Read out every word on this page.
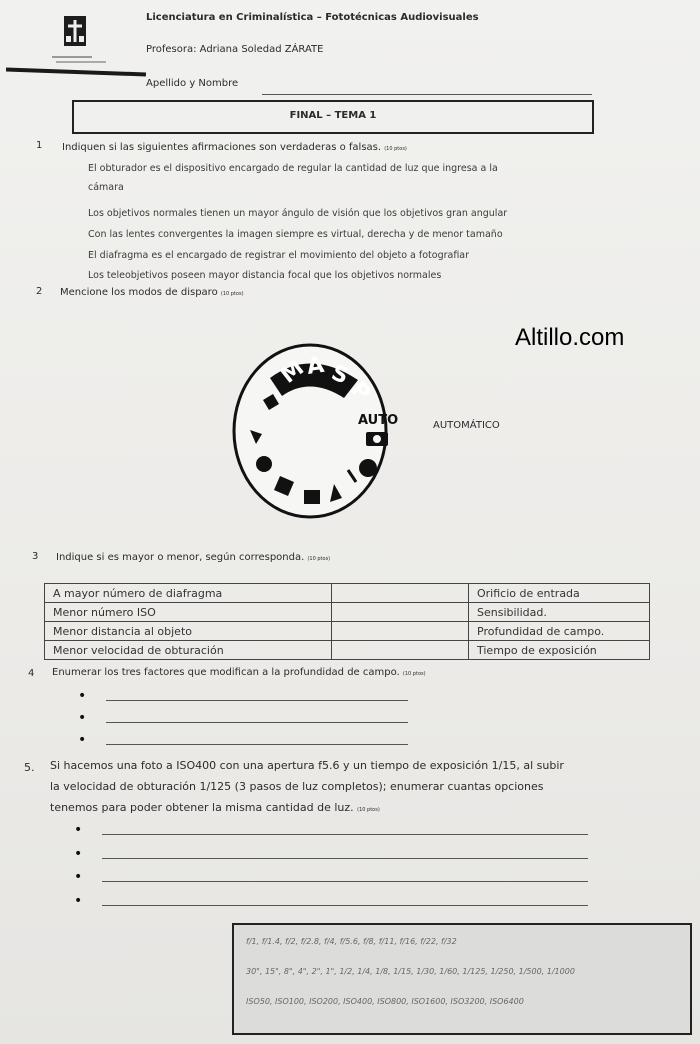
Licenciatura en Criminalística – Fototécnicas Audiovisuales
Profesora: Adriana Soledad ZÁRATE
Apellido y Nombre
FINAL – TEMA 1
1 Indiquen si las siguientes afirmaciones son verdaderas o falsas. (10 ptos)
El obturador es el dispositivo encargado de regular la cantidad de luz que ingresa a la
cámara
Los objetivos normales tienen un mayor ángulo de visión que los objetivos gran angular
Con las lentes convergentes la imagen siempre es virtual, derecha y de menor tamaño
El diafragma es el encargado de registrar el movimiento del objeto a fotografiar
Los teleobjetivos poseen mayor distancia focal que los objetivos normales
2 Mencione los modos de disparo (10 ptos)
Altillo.com
M
A S
P
AUTO	AUTOMÁTICO
3 Indique si es mayor o menor, según corresponda. (10 ptos)
A mayor número de diafragma		Orificio de entrada
Menor número ISO		Sensibilidad.
Menor distancia al objeto		Profundidad de campo.
Menor velocidad de obturación		Tiempo de exposición
4 Enumerar los tres factores que modifican a la profundidad de campo. (10 ptos)
•
•
•
5. Si hacemos una foto a ISO400 con una apertura f5.6 y un tiempo de exposición 1/15, al subir
la velocidad de obturación 1/125 (3 pasos de luz completos); enumerar cuantas opciones
tenemos para poder obtener la misma cantidad de luz. (10 ptos)
•
•
•
•
f/1, f/1.4, f/2, f/2.8, f/4, f/5.6, f/8, f/11, f/16, f/22, f/32
30", 15", 8", 4", 2", 1", 1/2, 1/4, 1/8, 1/15, 1/30, 1/60, 1/125, 1/250, 1/500, 1/1000
ISO50, ISO100, ISO200, ISO400, ISO800, ISO1600, ISO3200, ISO6400
